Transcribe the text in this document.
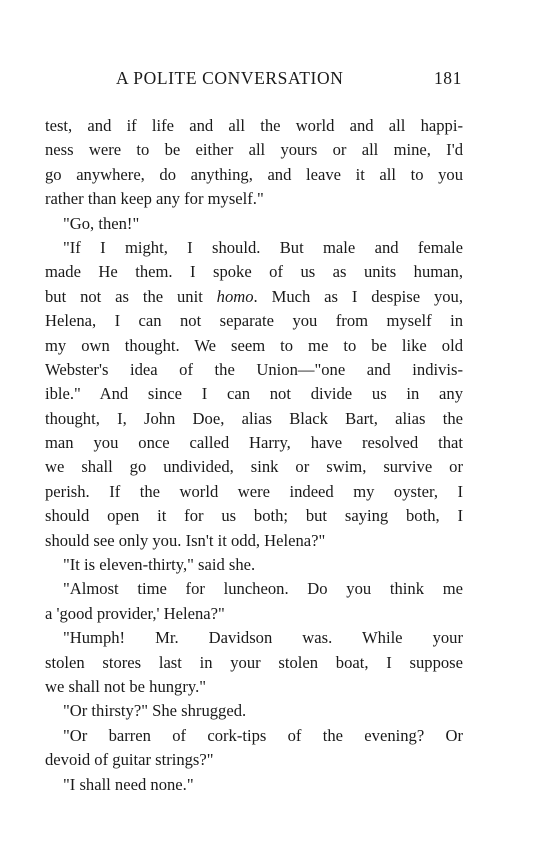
A POLITE CONVERSATION	181
test, and if life and all the world and all happi-
ness were to be either all yours or all mine, I'd
go anywhere, do anything, and leave it all to you
rather than keep any for myself."
"Go, then!"
"If I might, I should. But male and female
made He them. I spoke of us as units human,
but not as the unit homo. Much as I despise you,
Helena, I can not separate you from myself in
my own thought. We seem to me to be like old
Webster's idea of the Union—"one and indivis-
ible." And since I can not divide us in any
thought, I, John Doe, alias Black Bart, alias the
man you once called Harry, have resolved that
we shall go undivided, sink or swim, survive or
perish. If the world were indeed my oyster, I
should open it for us both; but saying both, I
should see only you. Isn't it odd, Helena?"
"It is eleven-thirty," said she.
"Almost time for luncheon. Do you think me
a 'good provider,' Helena?"
"Humph! Mr. Davidson was. While your
stolen stores last in your stolen boat, I suppose
we shall not be hungry."
"Or thirsty?" She shrugged.
"Or barren of cork-tips of the evening? Or
devoid of guitar strings?"
"I shall need none."
